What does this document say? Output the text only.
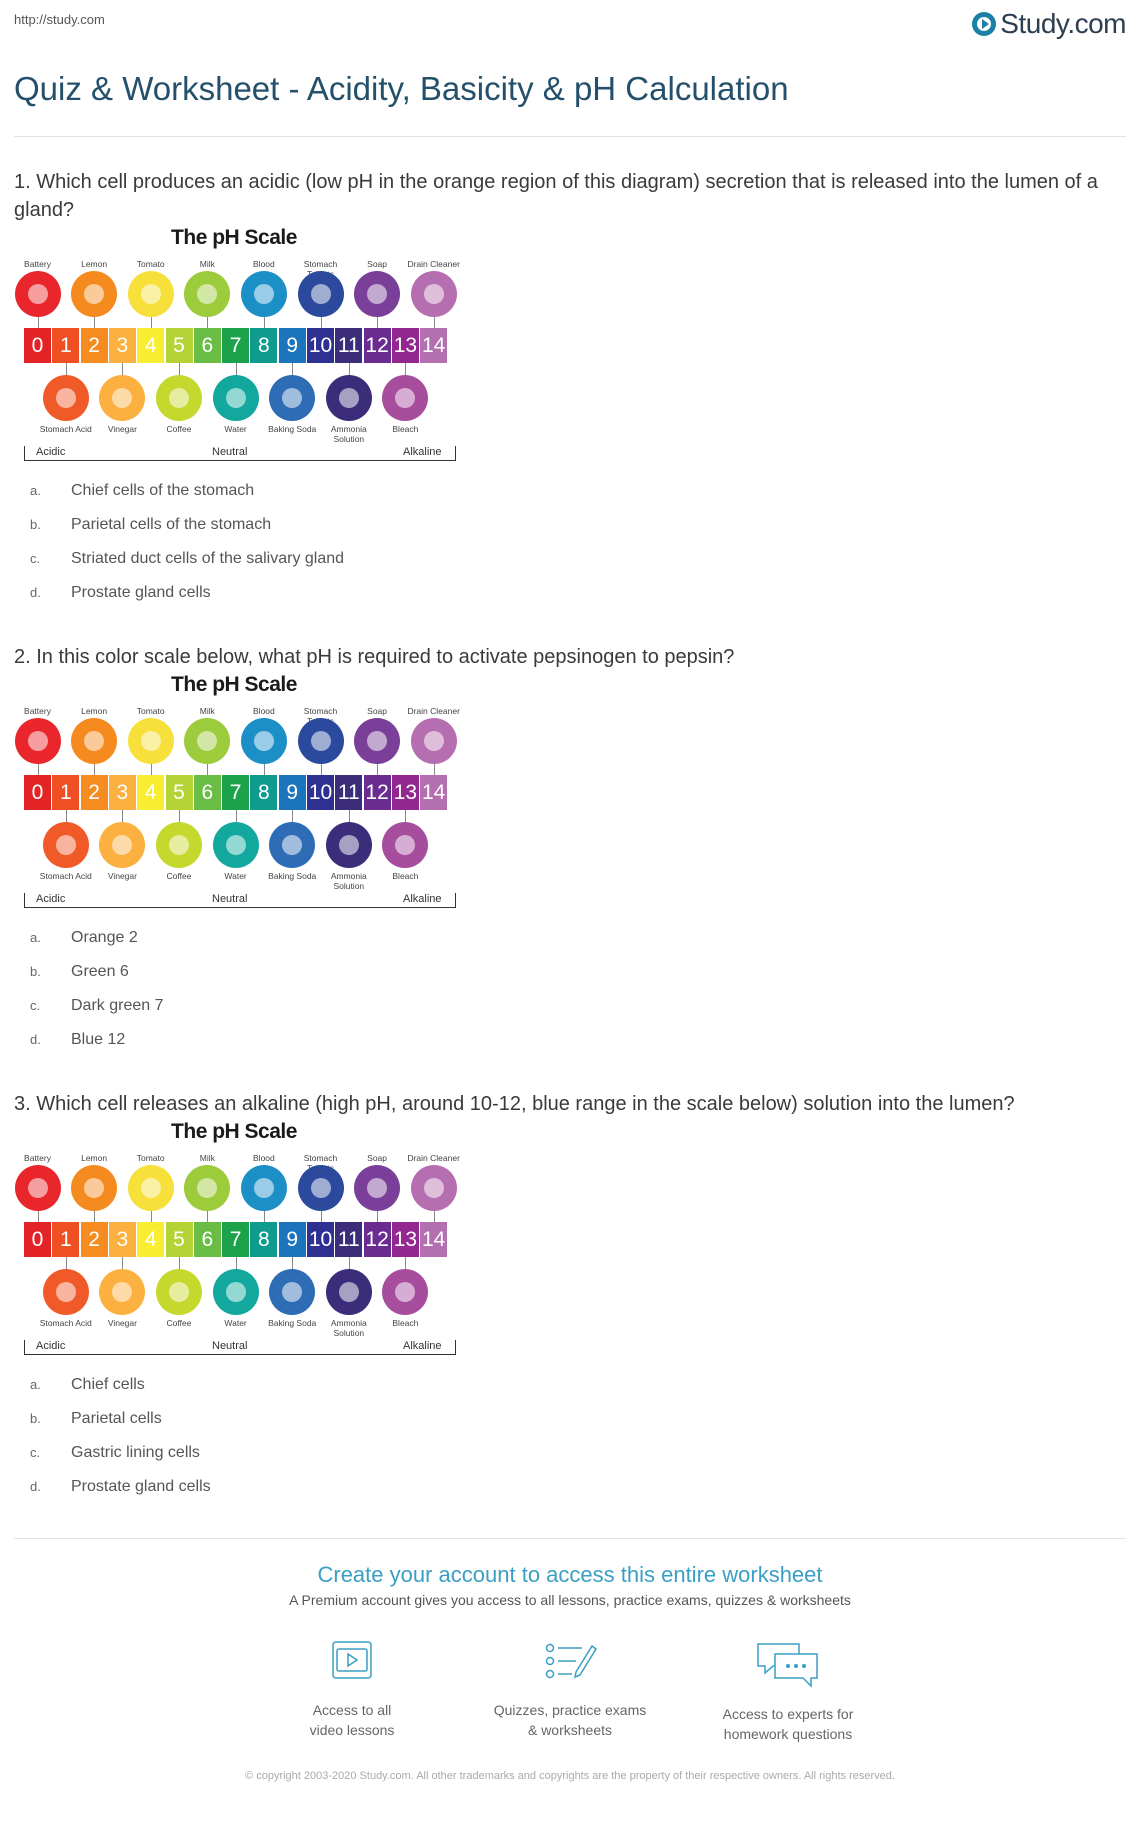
http://study.com	Study.com
Quiz & Worksheet - Acidity, Basicity & pH Calculation
1. Which cell produces an acidic (low pH in the orange region of this diagram) secretion that is released into the lumen of a gland?
The pH Scale
Battery	Lemon	Tomato	Milk	Blood	Stomach	Soap	Drain Cleaner
0 1 2 3 4 5 6 7 8 9 10 11 12 13 14
Stomach Acid	Vinegar	Coffee	Water	Baking Soda	Ammonia Solution
Bleach
Acidic	Neutral	Alkaline
a.	Chief cells of the stomach
b.	Parietal cells of the stomach
c.	Striated duct cells of the salivary gland
d.	Prostate gland cells
2. In this color scale below, what pH is required to activate pepsinogen to pepsin?
The pH Scale
Battery	Lemon	Tomato	Milk	Blood	Stomach	Soap	Drain Cleaner
0 1 2 3 4 5 6 7 8 9 10 11 12 13 14
Stomach Acid	Vinegar	Coffee	Water	Baking Soda	Ammonia Solution
Bleach
Acidic	Neutral	Alkaline
a.	Orange 2
b.	Green 6
c.	Dark green 7
d.	Blue 12
3. Which cell releases an alkaline (high pH, around 10-12, blue range in the scale below) solution into the lumen?
The pH Scale
Battery	Lemon	Tomato	Milk	Blood	Stomach	Soap	Drain Cleaner
0 1 2 3 4 5 6 7 8 9 10 11 12 13 14
Stomach Acid	Vinegar	Coffee	Water	Baking Soda	Ammonia Solution
Bleach
Acidic	Neutral	Alkaline
a.	Chief cells
b.	Parietal cells
c.	Gastric lining cells
d.	Prostate gland cells
Create your account to access this entire worksheet
A Premium account gives you access to all lessons, practice exams, quizzes & worksheets
Access to all
video lessons
Quizzes, practice exams
& worksheets
Access to experts for
homework questions
© copyright 2003-2020 Study.com. All other trademarks and copyrights are the property of their respective owners. All rights reserved.
